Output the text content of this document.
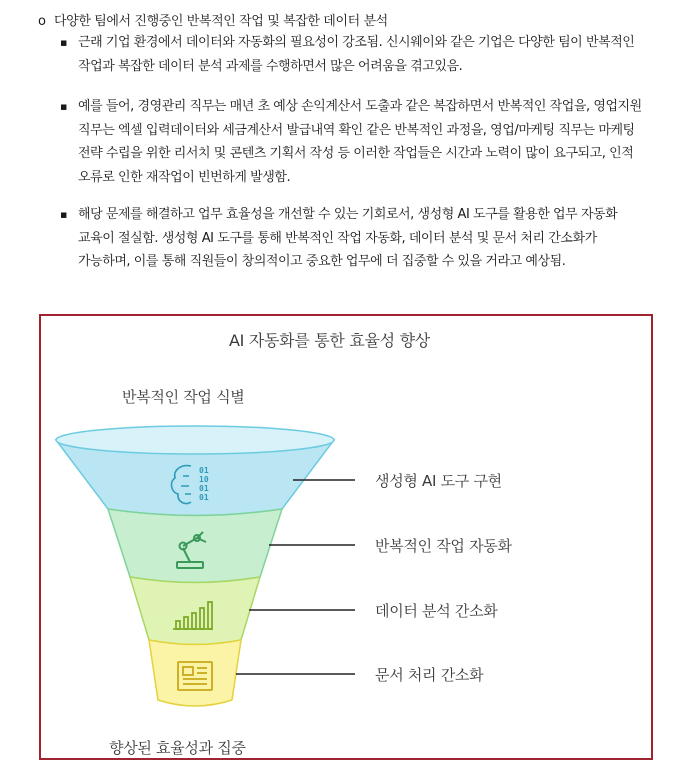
o 다양한 팀에서 진행중인 반복적인 작업 및 복잡한 데이터 분석
▪ 근래 기업 환경에서 데이터와 자동화의 필요성이 강조됨. 신시웨이와 같은 기업은 다양한 팀이 반복적인 작업과 복잡한 데이터 분석 과제를 수행하면서 많은 어려움을 겪고있음.
▪ 예를 들어, 경영관리 직무는 매년 초 예상 손익계산서 도출과 같은 복잡하면서 반복적인 작업을, 영업지원 직무는 엑셀 입력데이터와 세금계산서 발급내역 확인 같은 반복적인 과정을, 영업/마케팅 직무는 마케팅 전략 수립을 위한 리서치 및 콘텐츠 기획서 작성 등 이러한 작업들은 시간과 노력이 많이 요구되고, 인적 오류로 인한 재작업이 빈번하게 발생함.
▪ 해당 문제를 해결하고 업무 효율성을 개선할 수 있는 기회로서, 생성형 AI 도구를 활용한 업무 자동화 교육이 절실함. 생성형 AI 도구를 통해 반복적인 작업 자동화, 데이터 분석 및 문서 처리 간소화가 가능하며, 이를 통해 직원들이 창의적이고 중요한 업무에 더 집중할 수 있을 거라고 예상됨.
01
10
01
01
AI 자동화를 통한 효율성 향상
반복적인 작업 식별
생성형 AI 도구 구현
반복적인 작업 자동화
데이터 분석 간소화
문서 처리 간소화
향상된 효율성과 집중
